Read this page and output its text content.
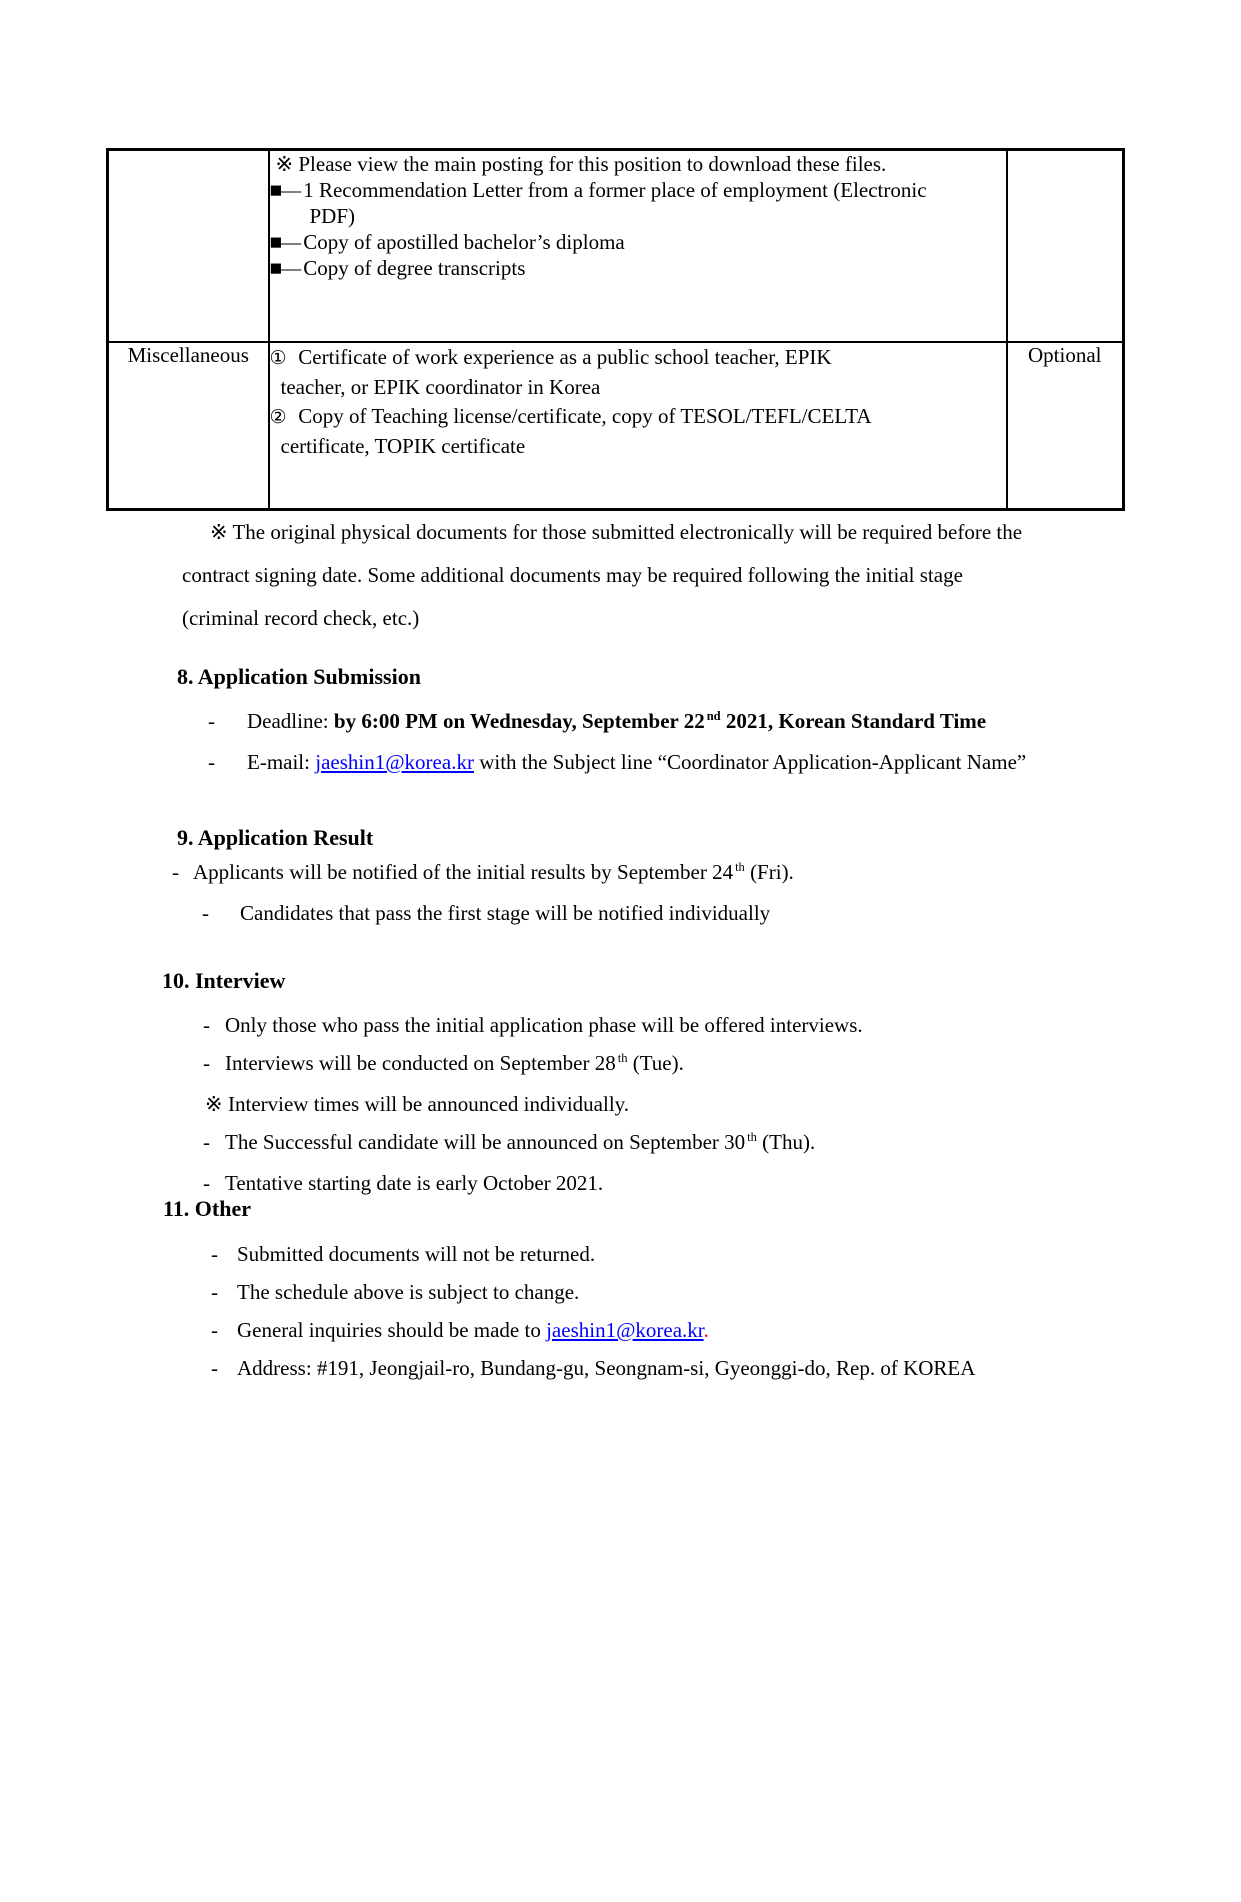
	※ Please view the main posting for this position to download these files.
■— 1 Recommendation Letter from a former place of employment (Electronic
PDF)
■— Copy of apostilled bachelor’s diploma
■— Copy of degree transcripts	

Miscellaneous	① Certificate of work experience as a public school teacher, EPIK
teacher, or EPIK coordinator in Korea
② Copy of Teaching license/certificate, copy of TESOL/TEFL/CELTA
certificate, TOPIK certificate	Optional
※ The original physical documents for those submitted electronically will be required before the
contract signing date. Some additional documents may be required following the initial stage
(criminal record check, etc.)
8. Application Submission
- Deadline: by 6:00 PM on Wednesday, September 22 $^{nd}$ 2021, Korean Standard Time
- E-mail: jaeshin1@korea.kr with the Subject line “Coordinator Application-Applicant Name”
9. Application Result
- Applicants will be notified of the initial results by September 24 $^{th}$ (Fri).
- Candidates that pass the first stage will be notified individually
10. Interview
- Only those who pass the initial application phase will be offered interviews.
- Interviews will be conducted on September 28 $^{th}$ (Tue).
※ Interview times will be announced individually.
- The Successful candidate will be announced on September 30 $^{th}$ (Thu).
- Tentative starting date is early October 2021.
11. Other
- Submitted documents will not be returned.
- The schedule above is subject to change.
- General inquiries should be made to jaeshin1@korea.kr.
- Address: #191, Jeongjail-ro, Bundang-gu, Seongnam-si, Gyeonggi-do, Rep. of KOREA
